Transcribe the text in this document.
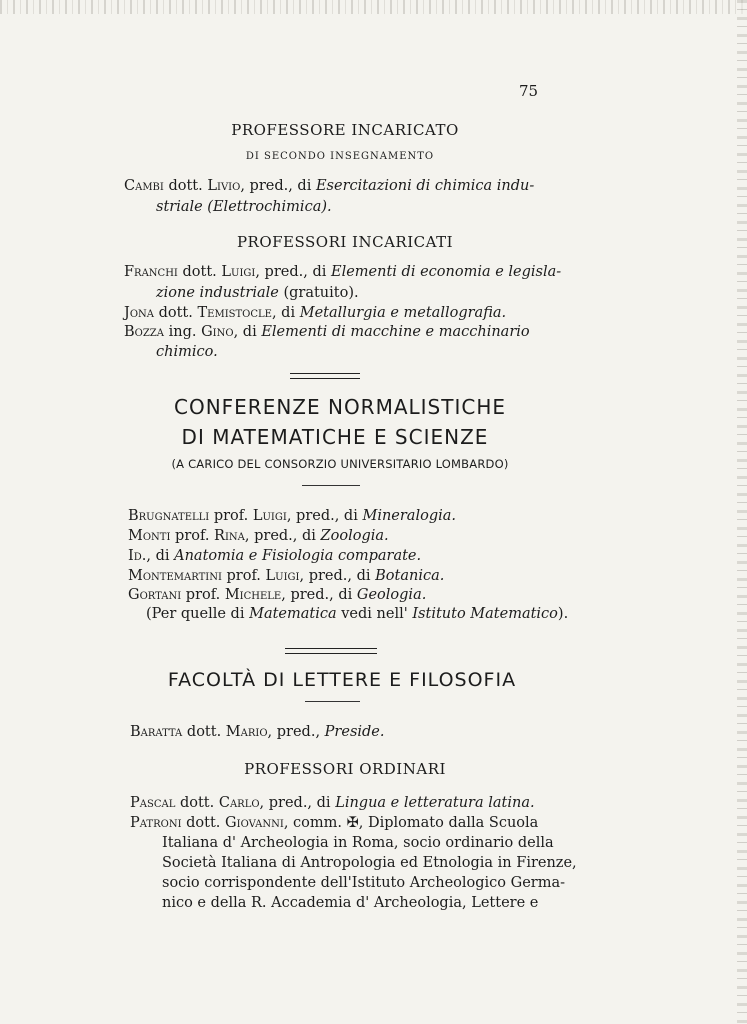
75
PROFESSORE INCARICATO
DI SECONDO INSEGNAMENTO
Cambi dott. Livio, pred., di Esercitazioni di chimica indu-
striale (Elettrochimica).
PROFESSORI INCARICATI
Franchi dott. Luigi, pred., di Elementi di economia e legisla-
zione industriale (gratuito).
Jona dott. Temistocle, di Metallurgia e metallografia.
Bozza ing. Gino, di Elementi di macchine e macchinario
chimico.
CONFERENZE NORMALISTICHE
DI MATEMATICHE E SCIENZE
(A CARICO DEL CONSORZIO UNIVERSITARIO LOMBARDO)
Brugnatelli prof. Luigi, pred., di Mineralogia.
Monti prof. Rina, pred., di Zoologia.
Id., di Anatomia e Fisiologia comparate.
Montemartini prof. Luigi, pred., di Botanica.
Gortani prof. Michele, pred., di Geologia.
(Per quelle di Matematica vedi nell' Istituto Matematico).
FACOLTÀ DI LETTERE E FILOSOFIA
Baratta dott. Mario, pred., Preside.
PROFESSORI ORDINARI
Pascal dott. Carlo, pred., di Lingua e letteratura latina.
Patroni dott. Giovanni, comm. ✠, Diplomato dalla Scuola
Italiana d' Archeologia in Roma, socio ordinario della
Società Italiana di Antropologia ed Etnologia in Firenze,
socio corrispondente dell'Istituto Archeologico Germa-
nico e della R. Accademia d' Archeologia, Lettere e
